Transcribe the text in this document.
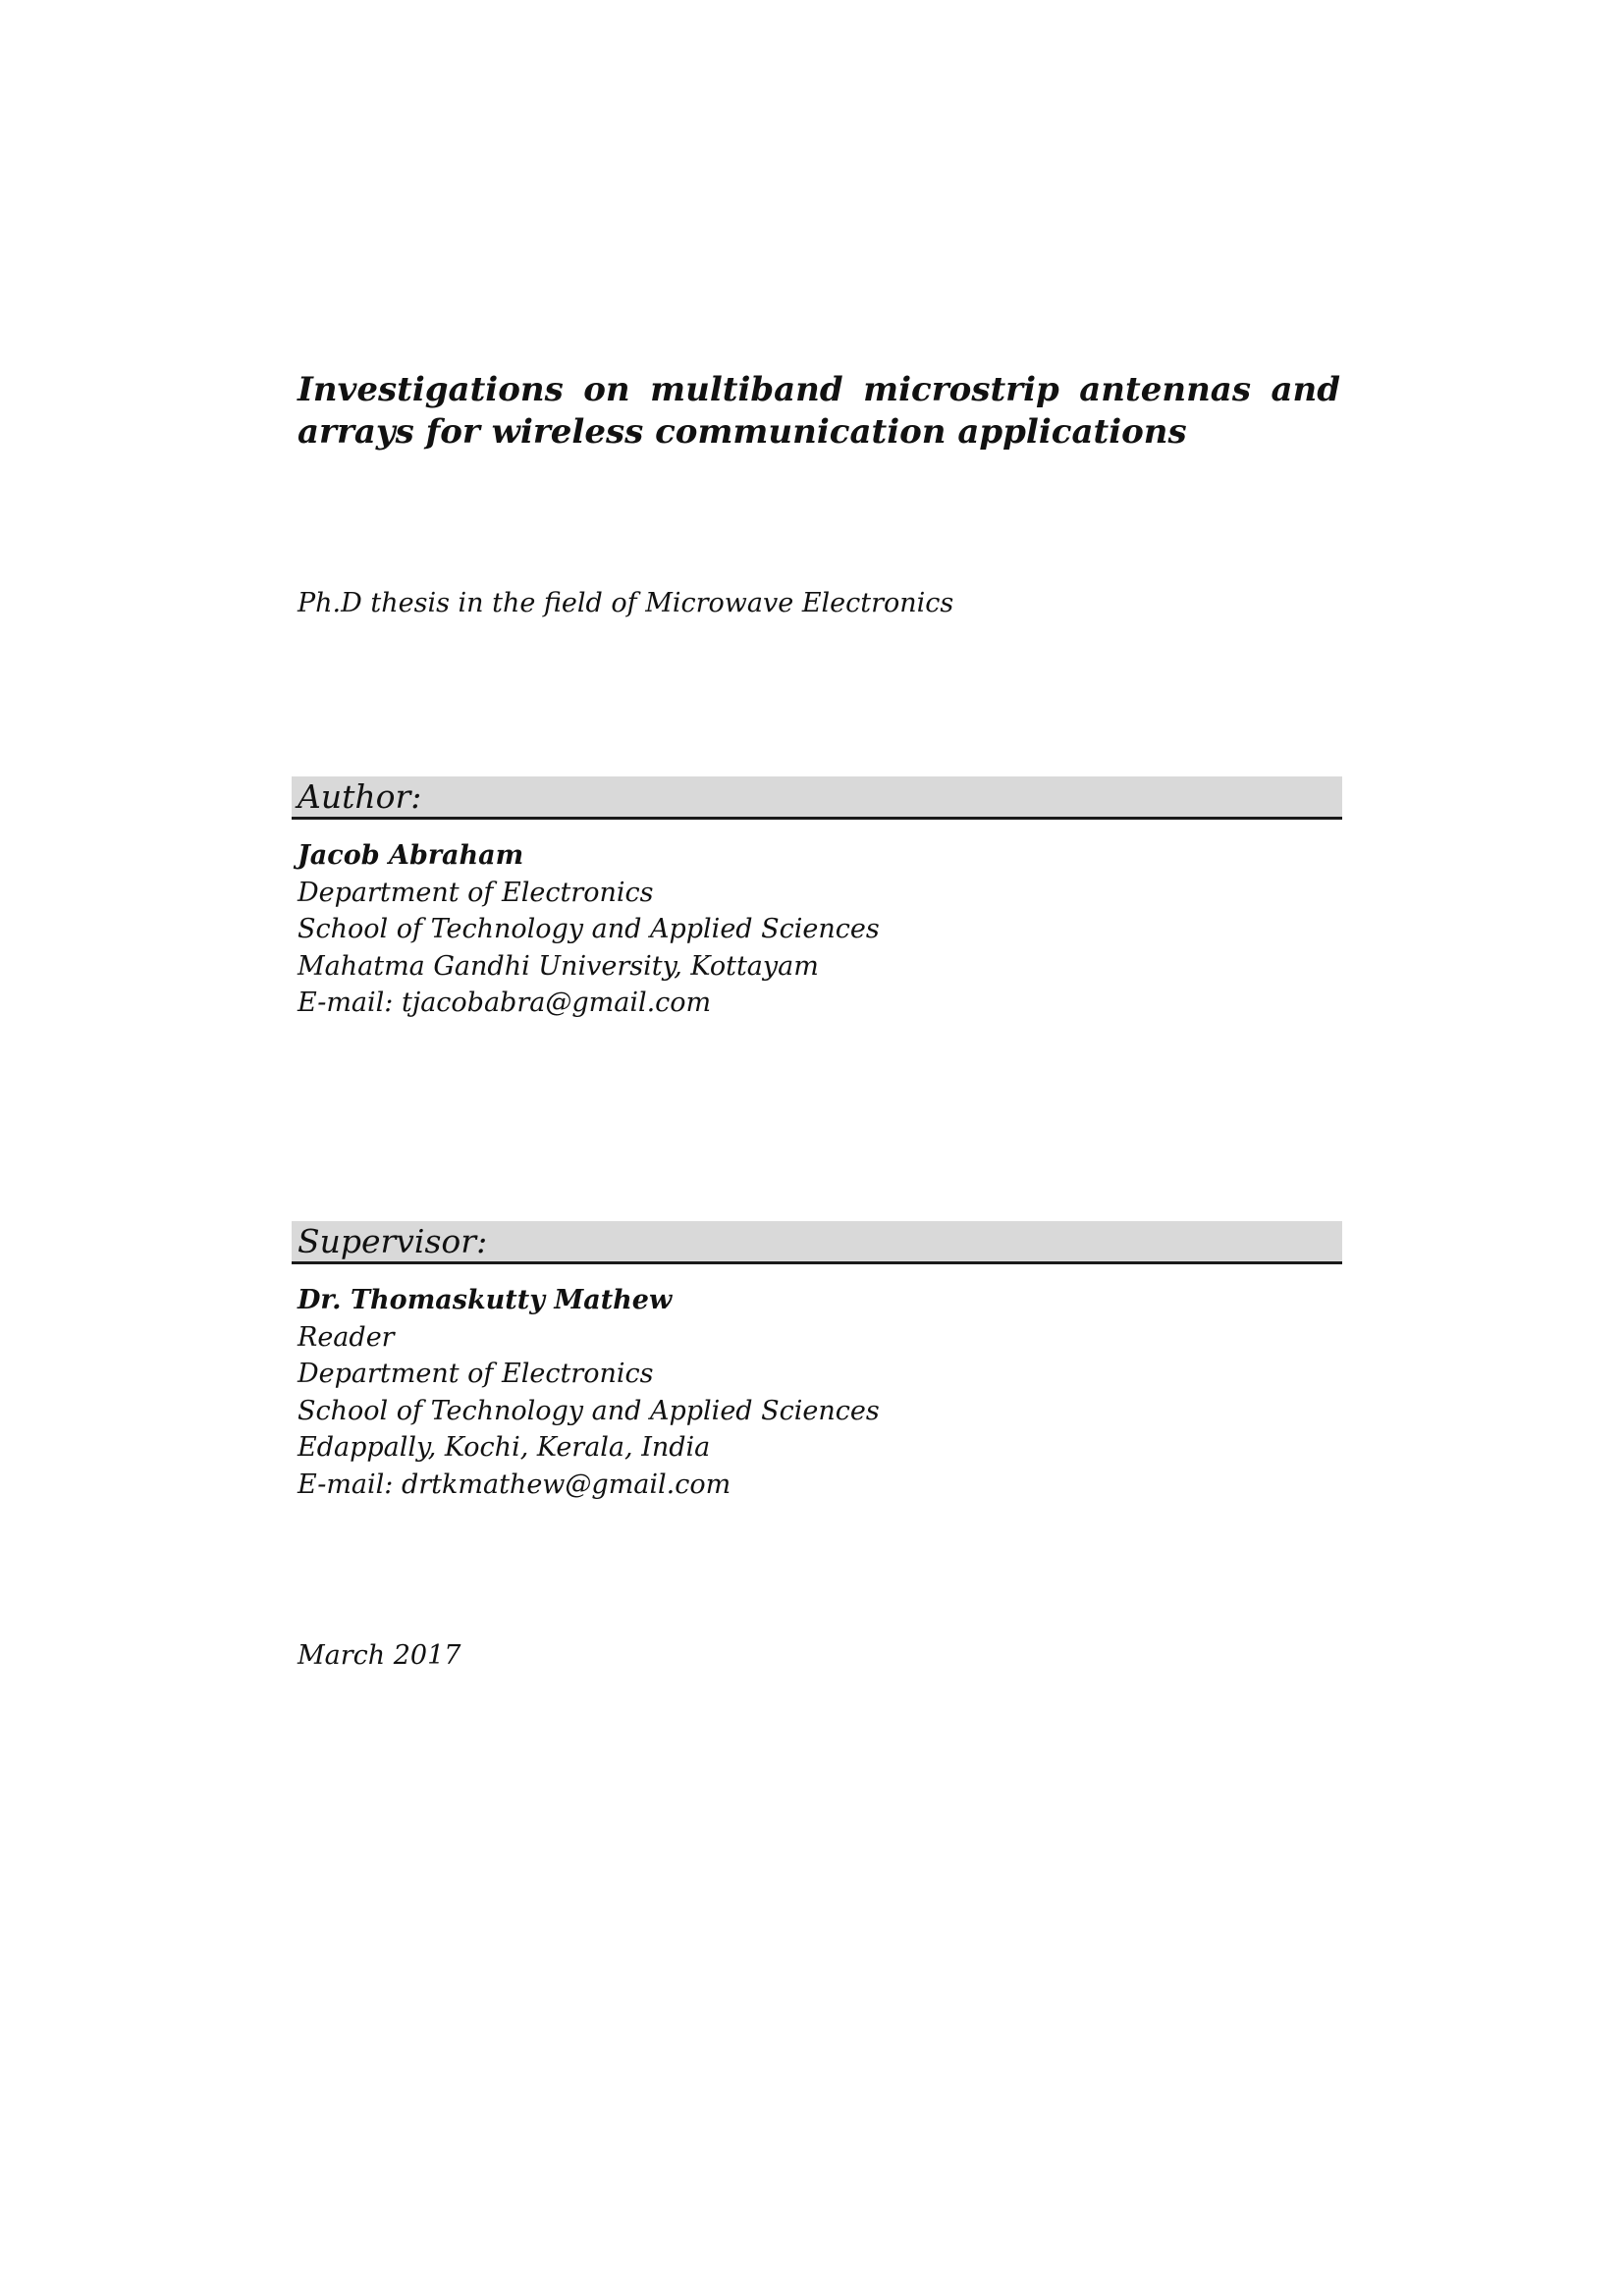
Investigations on multiband microstrip antennas and arrays for wireless communication applications

Ph.D thesis in the field of Microwave Electronics

Author:
Jacob Abraham
Department of Electronics
School of Technology and Applied Sciences
Mahatma Gandhi University, Kottayam
E-mail: tjacobabra@gmail.com
Supervisor:
Dr. Thomaskutty Mathew
Reader
Department of Electronics
School of Technology and Applied Sciences
Edappally, Kochi, Kerala, India
E-mail: drtkmathew@gmail.com
March 2017
